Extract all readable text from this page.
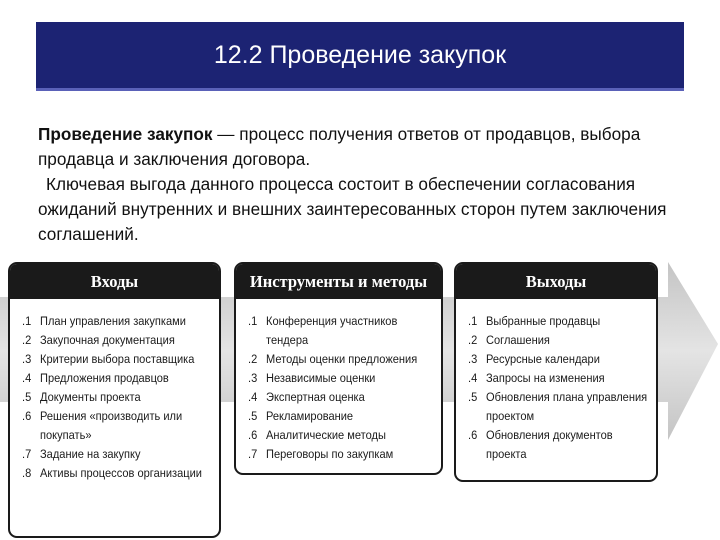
12.2 Проведение закупок

Проведение закупок — процесс получения ответов от продавцов, выбора продавца и заключения договора.

Ключевая выгода данного процесса состоит в обеспечении согласования ожиданий внутренних и внешних заинтересованных сторон путем заключения соглашений.

Входы
.1 План управления закупками
.2 Закупочная документация
.3 Критерии выбора поставщика
.4 Предложения продавцов
.5 Документы проекта
.6 Решения «производить или покупать»
.7 Задание на закупку
.8 Активы процессов организации
Инструменты и методы
.1 Конференция участников тендера
.2 Методы оценки предложения
.3 Независимые оценки
.4 Экспертная оценка
.5 Рекламирование
.6 Аналитические методы
.7 Переговоры по закупкам
Выходы
.1 Выбранные продавцы
.2 Соглашения
.3 Ресурсные календари
.4 Запросы на изменения
.5 Обновления плана управления проектом
.6 Обновления документов проекта
